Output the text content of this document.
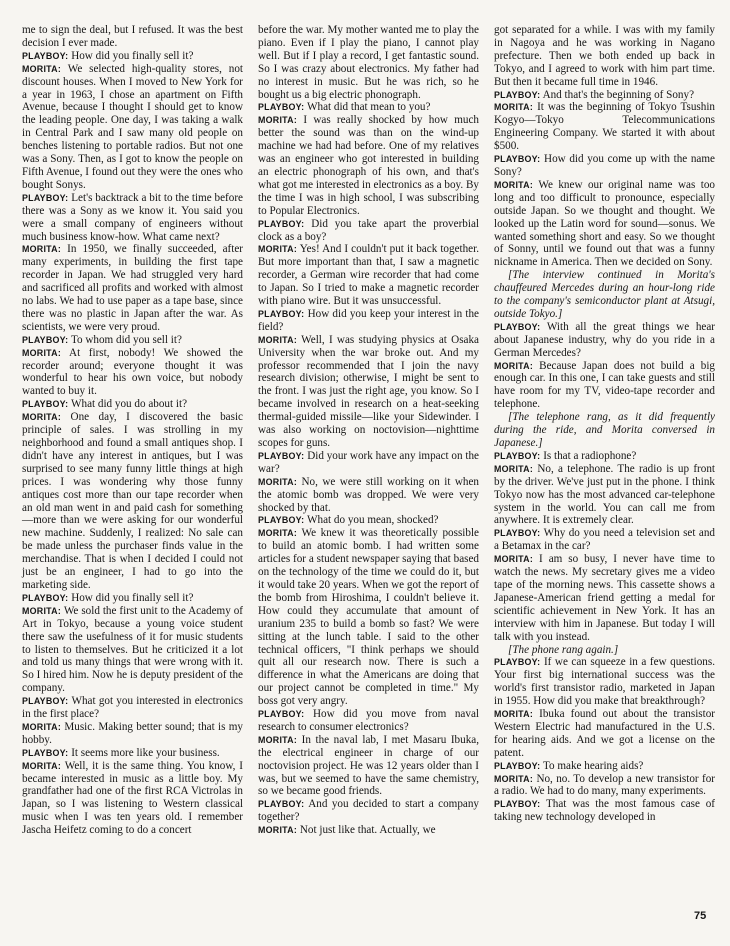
me to sign the deal, but I refused. It was the best decision I ever made.

PLAYBOY: How did you finally sell it?

MORITA: We selected high-quality stores, not discount houses. When I moved to New York for a year in 1963, I chose an apartment on Fifth Avenue, because I thought I should get to know the leading people. One day, I was taking a walk in Central Park and I saw many old people on benches listening to portable radios. But not one was a Sony. Then, as I got to know the people on Fifth Avenue, I found out they were the ones who bought Sonys.

PLAYBOY: Let's backtrack a bit to the time before there was a Sony as we know it. You said you were a small company of engineers without much business know-how. What came next?

MORITA: In 1950, we finally succeeded, after many experiments, in building the first tape recorder in Japan. We had struggled very hard and sacrificed all profits and worked with almost no labs. We had to use paper as a tape base, since there was no plastic in Japan after the war. As scientists, we were very proud.

PLAYBOY: To whom did you sell it?

MORITA: At first, nobody! We showed the recorder around; everyone thought it was wonderful to hear his own voice, but nobody wanted to buy it.

PLAYBOY: What did you do about it?

MORITA: One day, I discovered the basic principle of sales. I was strolling in my neighborhood and found a small antiques shop. I didn't have any interest in antiques, but I was surprised to see many funny little things at high prices. I was wondering why those funny antiques cost more than our tape recorder when an old man went in and paid cash for something—more than we were asking for our wonderful new machine. Suddenly, I realized: No sale can be made unless the purchaser finds value in the merchandise. That is when I decided I could not just be an engineer, I had to go into the marketing side.

PLAYBOY: How did you finally sell it?

MORITA: We sold the first unit to the Academy of Art in Tokyo, because a young voice student there saw the usefulness of it for music students to listen to themselves. But he criticized it a lot and told us many things that were wrong with it. So I hired him. Now he is deputy president of the company.

PLAYBOY: What got you interested in electronics in the first place?

MORITA: Music. Making better sound; that is my hobby.

PLAYBOY: It seems more like your business.

MORITA: Well, it is the same thing. You know, I became interested in music as a little boy. My grandfather had one of the first RCA Victrolas in Japan, so I was listening to Western classical music when I was ten years old. I remember Jascha Heifetz coming to do a concert

before the war. My mother wanted me to play the piano. Even if I play the piano, I cannot play well. But if I play a record, I get fantastic sound. So I was crazy about electronics. My father had no interest in music. But he was rich, so he bought us a big electric phonograph.

PLAYBOY: What did that mean to you?

MORITA: I was really shocked by how much better the sound was than on the wind-up machine we had had before. One of my relatives was an engineer who got interested in building an electric phonograph of his own, and that's what got me interested in electronics as a boy. By the time I was in high school, I was subscribing to Popular Electronics.

PLAYBOY: Did you take apart the proverbial clock as a boy?

MORITA: Yes! And I couldn't put it back together. But more important than that, I saw a magnetic recorder, a German wire recorder that had come to Japan. So I tried to make a magnetic recorder with piano wire. But it was unsuccessful.

PLAYBOY: How did you keep your interest in the field?

MORITA: Well, I was studying physics at Osaka University when the war broke out. And my professor recommended that I join the navy research division; otherwise, I might be sent to the front. I was just the right age, you know. So I became involved in research on a heat-seeking thermal-guided missile—like your Sidewinder. I was also working on noctovision—nighttime scopes for guns.

PLAYBOY: Did your work have any impact on the war?

MORITA: No, we were still working on it when the atomic bomb was dropped. We were very shocked by that.

PLAYBOY: What do you mean, shocked?

MORITA: We knew it was theoretically possible to build an atomic bomb. I had written some articles for a student newspaper saying that based on the technology of the time we could do it, but it would take 20 years. When we got the report of the bomb from Hiroshima, I couldn't believe it. How could they accumulate that amount of uranium 235 to build a bomb so fast? We were sitting at the lunch table. I said to the other technical officers, "I think perhaps we should quit all our research now. There is such a difference in what the Americans are doing that our project cannot be completed in time." My boss got very angry.

PLAYBOY: How did you move from naval research to consumer electronics?

MORITA: In the naval lab, I met Masaru Ibuka, the electrical engineer in charge of our noctovision project. He was 12 years older than I was, but we seemed to have the same chemistry, so we became good friends.

PLAYBOY: And you decided to start a company together?

MORITA: Not just like that. Actually, we

got separated for a while. I was with my family in Nagoya and he was working in Nagano prefecture. Then we both ended up back in Tokyo, and I agreed to work with him part time. But then it became full time in 1946.

PLAYBOY: And that's the beginning of Sony?

MORITA: It was the beginning of Tokyo Tsushin Kogyo—Tokyo Telecommunications Engineering Company. We started it with about $500.

PLAYBOY: How did you come up with the name Sony?

MORITA: We knew our original name was too long and too difficult to pronounce, especially outside Japan. So we thought and thought. We looked up the Latin word for sound—sonus. We wanted something short and easy. So we thought of Sonny, until we found out that was a funny nickname in America. Then we decided on Sony.

[The interview continued in Morita's chauffeured Mercedes during an hour-long ride to the company's semiconductor plant at Atsugi, outside Tokyo.]

PLAYBOY: With all the great things we hear about Japanese industry, why do you ride in a German Mercedes?

MORITA: Because Japan does not build a big enough car. In this one, I can take guests and still have room for my TV, video-tape recorder and telephone.

[The telephone rang, as it did frequently during the ride, and Morita conversed in Japanese.]

PLAYBOY: Is that a radiophone?

MORITA: No, a telephone. The radio is up front by the driver. We've just put in the phone. I think Tokyo now has the most advanced car-telephone system in the world. You can call me from anywhere. It is extremely clear.

PLAYBOY: Why do you need a television set and a Betamax in the car?

MORITA: I am so busy, I never have time to watch the news. My secretary gives me a video tape of the morning news. This cassette shows a Japanese-American friend getting a medal for scientific achievement in New York. It has an interview with him in Japanese. But today I will talk with you instead.

[The phone rang again.]

PLAYBOY: If we can squeeze in a few questions. Your first big international success was the world's first transistor radio, marketed in Japan in 1955. How did you make that breakthrough?

MORITA: Ibuka found out about the transistor Western Electric had manufactured in the U.S. for hearing aids. And we got a license on the patent.

PLAYBOY: To make hearing aids?

MORITA: No, no. To develop a new transistor for a radio. We had to do many, many experiments.

PLAYBOY: That was the most famous case of taking new technology developed in

75
